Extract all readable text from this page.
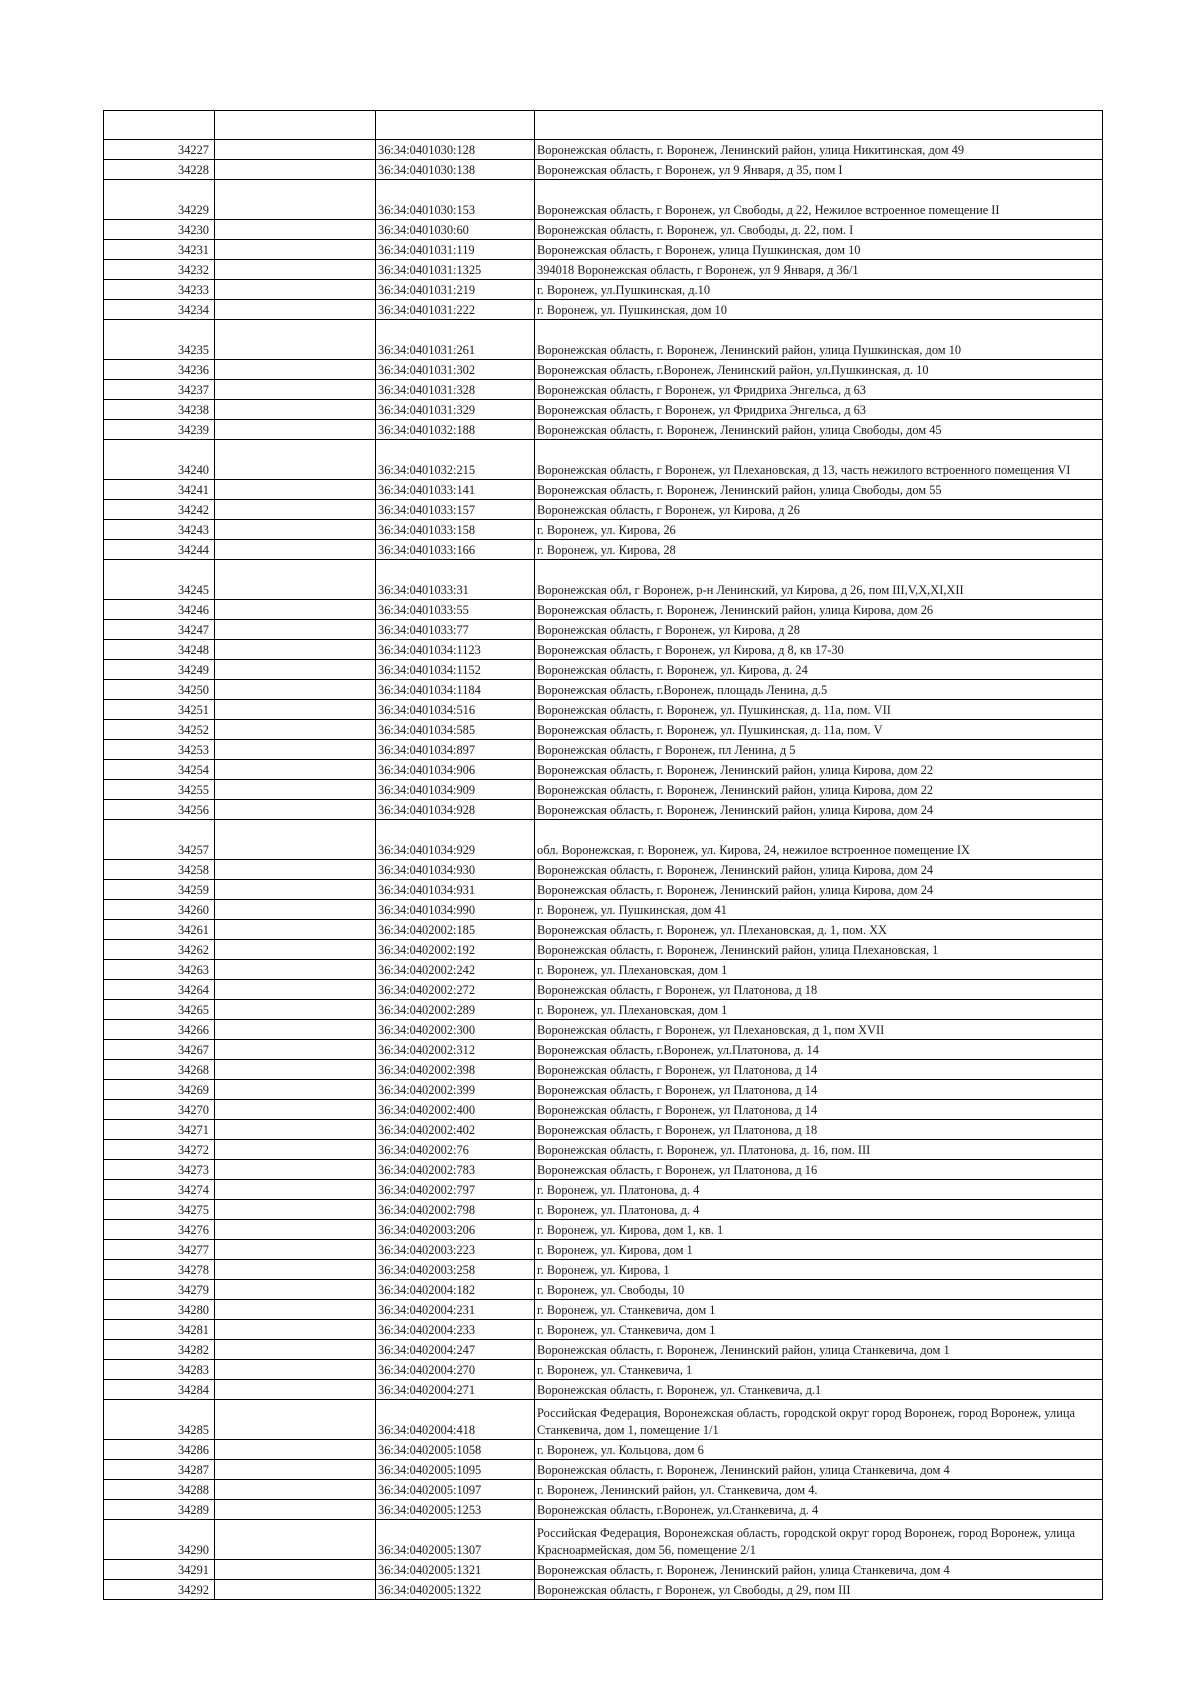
34227		36:34:0401030:128	Воронежская область, г. Воронеж, Ленинский район, улица Никитинская, дом 49
34228		36:34:0401030:138	Воронежская область, г Воронеж, ул 9 Января, д 35, пом I
34229		36:34:0401030:153	Воронежская область, г Воронеж, ул Свободы, д 22, Нежилое встроенное помещение II
34230		36:34:0401030:60	Воронежская область, г. Воронеж, ул. Свободы, д. 22, пом. I
34231		36:34:0401031:119	Воронежская область, г Воронеж, улица Пушкинская, дом 10
34232		36:34:0401031:1325	394018 Воронежская область, г Воронеж, ул 9 Января, д 36/1
34233		36:34:0401031:219	г. Воронеж, ул.Пушкинская, д.10
34234		36:34:0401031:222	г. Воронеж, ул. Пушкинская, дом 10
34235		36:34:0401031:261	Воронежская область, г. Воронеж, Ленинский район, улица Пушкинская, дом 10
34236		36:34:0401031:302	Воронежская область, г.Воронеж, Ленинский район, ул.Пушкинская, д. 10
34237		36:34:0401031:328	Воронежская область, г Воронеж, ул Фридриха Энгельса, д 63
34238		36:34:0401031:329	Воронежская область, г Воронеж, ул Фридриха Энгельса, д 63
34239		36:34:0401032:188	Воронежская область, г. Воронеж, Ленинский район, улица Свободы, дом 45
34240		36:34:0401032:215	Воронежская область, г Воронеж, ул Плехановская, д 13, часть нежилого встроенного помещения VI
34241		36:34:0401033:141	Воронежская область, г. Воронеж, Ленинский район, улица Свободы, дом 55
34242		36:34:0401033:157	Воронежская область, г Воронеж, ул Кирова, д 26
34243		36:34:0401033:158	г. Воронеж, ул. Кирова, 26
34244		36:34:0401033:166	г. Воронеж, ул. Кирова, 28
34245		36:34:0401033:31	Воронежская обл, г Воронеж, р-н Ленинский, ул Кирова, д 26, пом III,V,X,XI,XII
34246		36:34:0401033:55	Воронежская область, г. Воронеж, Ленинский район, улица Кирова, дом 26
34247		36:34:0401033:77	Воронежская область, г Воронеж, ул Кирова, д 28
34248		36:34:0401034:1123	Воронежская область, г Воронеж, ул Кирова, д 8, кв 17-30
34249		36:34:0401034:1152	Воронежская область, г. Воронеж, ул. Кирова, д. 24
34250		36:34:0401034:1184	Воронежская область, г.Воронеж, площадь Ленина, д.5
34251		36:34:0401034:516	Воронежская область, г. Воронеж, ул. Пушкинская, д. 11а, пом. VII
34252		36:34:0401034:585	Воронежская область, г. Воронеж, ул. Пушкинская, д. 11а, пом. V
34253		36:34:0401034:897	Воронежская область, г Воронеж, пл Ленина, д 5
34254		36:34:0401034:906	Воронежская область, г. Воронеж, Ленинский район, улица Кирова, дом 22
34255		36:34:0401034:909	Воронежская область, г. Воронеж, Ленинский район, улица Кирова, дом 22
34256		36:34:0401034:928	Воронежская область, г. Воронеж, Ленинский район, улица Кирова, дом 24
34257		36:34:0401034:929	обл. Воронежская, г. Воронеж, ул. Кирова, 24, нежилое встроенное помещение IX
34258		36:34:0401034:930	Воронежская область, г. Воронеж, Ленинский район, улица Кирова, дом 24
34259		36:34:0401034:931	Воронежская область, г. Воронеж, Ленинский район, улица Кирова, дом 24
34260		36:34:0401034:990	г. Воронеж, ул. Пушкинская, дом 41
34261		36:34:0402002:185	Воронежская область, г. Воронеж, ул. Плехановская, д. 1, пом. XX
34262		36:34:0402002:192	Воронежская область, г. Воронеж, Ленинский район, улица Плехановская, 1
34263		36:34:0402002:242	г. Воронеж, ул. Плехановская, дом 1
34264		36:34:0402002:272	Воронежская область, г Воронеж, ул Платонова, д 18
34265		36:34:0402002:289	г. Воронеж, ул. Плехановская, дом 1
34266		36:34:0402002:300	Воронежская область, г Воронеж, ул Плехановская, д 1, пом XVII
34267		36:34:0402002:312	Воронежская область, г.Воронеж, ул.Платонова, д. 14
34268		36:34:0402002:398	Воронежская область, г Воронеж, ул Платонова, д 14
34269		36:34:0402002:399	Воронежская область, г Воронеж, ул Платонова, д 14
34270		36:34:0402002:400	Воронежская область, г Воронеж, ул Платонова, д 14
34271		36:34:0402002:402	Воронежская область, г Воронеж, ул Платонова, д 18
34272		36:34:0402002:76	Воронежская область, г. Воронеж, ул. Платонова, д. 16, пом. III
34273		36:34:0402002:783	Воронежская область, г Воронеж, ул Платонова, д 16
34274		36:34:0402002:797	г. Воронеж, ул. Платонова, д. 4
34275		36:34:0402002:798	г. Воронеж, ул. Платонова, д. 4
34276		36:34:0402003:206	г. Воронеж, ул. Кирова, дом 1, кв. 1
34277		36:34:0402003:223	г. Воронеж, ул. Кирова, дом 1
34278		36:34:0402003:258	г. Воронеж, ул. Кирова, 1
34279		36:34:0402004:182	г. Воронеж, ул. Свободы, 10
34280		36:34:0402004:231	г. Воронеж, ул. Станкевича, дом 1
34281		36:34:0402004:233	г. Воронеж, ул. Станкевича, дом 1
34282		36:34:0402004:247	Воронежская область, г. Воронеж, Ленинский район, улица Станкевича, дом 1
34283		36:34:0402004:270	г. Воронеж, ул. Станкевича, 1
34284		36:34:0402004:271	Воронежская область, г. Воронеж, ул. Станкевича, д.1
34285		36:34:0402004:418	Российская Федерация, Воронежская область, городской округ город Воронеж, город Воронеж, улица Станкевича, дом 1, помещение 1/1
34286		36:34:0402005:1058	г. Воронеж, ул. Кольцова, дом 6
34287		36:34:0402005:1095	Воронежская область, г. Воронеж, Ленинский район, улица Станкевича, дом 4
34288		36:34:0402005:1097	г. Воронеж, Ленинский район, ул. Станкевича, дом 4.
34289		36:34:0402005:1253	Воронежская область, г.Воронеж, ул.Станкевича, д. 4
34290		36:34:0402005:1307	Российская Федерация, Воронежская область, городской округ город Воронеж, город Воронеж, улица Красноармейская, дом 56, помещение 2/1
34291		36:34:0402005:1321	Воронежская область, г. Воронеж, Ленинский район, улица Станкевича, дом 4
34292		36:34:0402005:1322	Воронежская область, г Воронеж, ул Свободы, д 29, пом III
